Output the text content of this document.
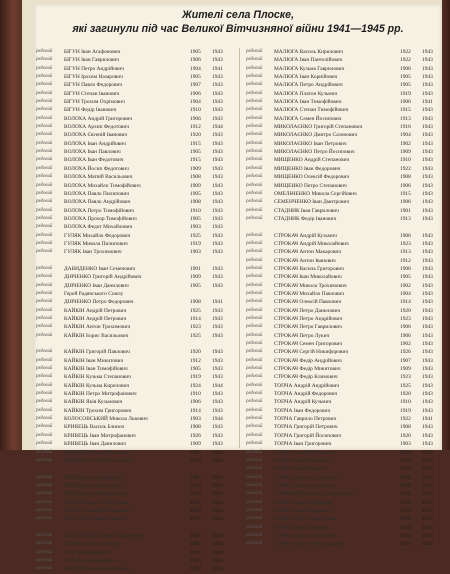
Жителі села Плоске,
які загинули під час Великої Вітчизняної війни 1941—1945 рр.
рядовий БІГУН Іван Агафонович	1905 1943
рядовий БІГУН Іван Гаврилович	1906 1943
рядовий БІГУН Петро Андрійович	1904 1941
рядовий БІГУН Ірохим Назарович	1905 1943
рядовий БІГУН Павло Федорович	1907 1943
рядовий БІГУН Степан Іванович	1906 1943
рядовий БІГУН Трохим Охрімович	1904 1943
рядовий БІГУН Федір Іванович	1910 1943
рядовий ВОЛОХА Андрій Григорович	1906 1943
рядовий ВОЛОХА Архип Федотович	1912 1944
рядовий ВОЛОХА Євгеній Іванович	1920 1943
рядовий ВОЛОХА Іван Андрійович	1915 1943
рядовий ВОЛОХА Іван Павлович	1905 1943
рядовий ВОЛОХА Іван Федотович	1915 1943
рядовий ВОЛОХА Йосип Федотович	1909 1943
рядовий ВОЛОХА Матвій Васильович	1908 1943
рядовий ВОЛОХА Михайло Тимофійович	1909 1943
рядовий ВОЛОХА Павло Пилипович	1905 1943
рядовий ВОЛОХА Павло Андрійович	1908 1943
рядовий ВОЛОХА Петро Тимофійович	1910 1943
рядовий ВОЛОХА Прохор Тимофійович	1905 1943
рядовий ВОЛОХА Федот Михайлович	1903 1943
рядовий ГУЛЯК Михайло Федорович	1925 1943
рядовий ГУЛЯК Микола Пилипович	1919 1943
рядовий ГУЛЯК Іван Трохимович	1903 1943
рядовий ДАВИДЕНКО Іван Семенович	1901 1943
рядовий ДІЯЧЕНКО Григорій Андрійович	1909 1943
рядовий ДІЯЧЕНКО Іван Данилович	1905 1943
рядовий Герой Радянського Союзу
рядовий ДІЯЧЕНКО Петро Федорович	1908 1941
рядовий КАЙКІН Андрій Петрович	1925 1943
рядовий КАЙКІН Андрій Петрович	1914 1943
рядовий КАЙКІН Антон Трохимович	1923 1943
рядовий КАЙКІН Борис Васильович	1925 1943
рядовий КАЙКІН Григорій Павлович	1920 1943
рядовий КАЙКІН Іван Микитович	1912 1943
рядовий КАЙКІН Іван Тимофійович	1905 1943
рядовий КАЙКІН Кузьма Степанович	1919 1943
рядовий КАЙКІН Кузьма Кирилович	1924 1944
рядовий КАЙКІН Петро Митрофанович	1910 1943
рядовий КАЙКІН Яків Кузьмович	1906 1943
рядовий КАЙКІН Трохим Григорович	1914 1943
рядовий КОЛОСОВСЬКИЙ Микола Львович	1903 1944
рядовий КРИВЕЦЬ Василь Блиноч	1908 1943
рядовий КРИВЕЦЬ Іван Митрофанович	1926 1943
рядовий КРИВЕЦЬ Іван Данилович	1909 1943
рядовий КРИВЕЦЬ Федір Микитович	1903 1943
рядовий КРИВЕЦЬ Петро Васильович	1918 1943
рядовий ЛЕСЮК Іван Андрійович	1906 1943
рядовий ЛЕСЮК Іван Васильович	1910 1943
рядовий ЛЕСЮК Іван Микодорович	1910 1943
рядовий ЛЕСЮК Василь Дмитрович	1922 1943
рядовий ЛЕСЮК Тимофій Климович	1928 1943
рядовий ЛИСТОПАД Іван Іванович	1916 1943
рядовий ЛИТОВЧЕНКО Марко Пархомович	1910 1943
рядовий ЛУК Олексій Семенович	1906 1943
рядовий ЛУК Іван Іванович	1913 1943
рядовий ЛУК Кузьма Іванович	1915 1943
рядовий МАЛЮГА Антон Антонович	1900 1943
рядовий МАЛЮГА Василь Кирилович	1922 1943
рядовий МАЛЮГА Іван Пантелійович	1922 1943
рядовий МАЛЮГА Кузьма Гаврилович	1906 1943
рядовий МАЛЮГА Іван Корнійович	1905 1943
рядовий МАЛЮГА Петро Андрійович	1905 1943
рядовий МАЛЮГА Платон Кузьмич	1919 1943
рядовий МАЛЮГА Іван Тимофійович	1906 1941
рядовий МАЛЮГА Степан Тимофійович	1915 1943
рядовий МАЛЮГА Семен Йосипович	1913 1943
рядовий МИКОЛАЄНКО Григорій Степанович	1916 1943
рядовий МИКОЛАЄНКО Дмитро Сазонович	1904 1943
рядовий МИКОЛАЄНКО Іван Петрович	1902 1943
рядовий МИКОЛАЄНКО Петро Йосипович	1909 1943
рядовий МИЩЕНКО Андрій Степанович	1910 1943
рядовий МИЩЕНКО Іван Федорович	1922 1943
рядовий МИЩЕНКО Олексій Федорович	1908 1943
рядовий МИЩЕНКО Петро Степанович	1906 1943
рядовий ОМЕЛЬЧЕНКО Микола Сергійович	1915 1943
рядовий СЕМЕНЧЕНКО Іван Дмитрович	1906 1943
рядовий СТАДНИК Іван Гаврилович	1901 1943
рядовий СТАДНИК Федір Іванович	1913 1943
рядовий СТРОКАЧ Андрій Кузьмич	1906 1943
рядовий СТРОКАЧ Андрій Миколайович	1923 1943
рядовий СТРОКАЧ Антон Макарович	1913 1943
рядовий СТРОКАЧ Антон Іванович	1912 1943
рядовий СТРОКАЧ Василь Григорович	1906 1943
рядовий СТРОКАЧ Іван Миколайович	1905 1943
рядовий СТРОКАЧ Микола Трохимович	1902 1943
рядовий СТРОКАЧ Михайло Павлович	1904 1943
рядовий СТРОКАЧ Олексій Павлович	1914 1943
рядовий СТРОКАЧ Петро Данилович	1920 1943
рядовий СТРОКАЧ Петро Андрійович	1923 1943
рядовий СТРОКАЧ Петро Гаврилович	1906 1943
рядовий СТРОКАЧ Петро Лукич	1906 1943
рядовий СТРОКАЧ Семен Григорович	1902 1943
рядовий СТРОКАЧ Сергій Никифорович	1926 1943
рядовий СТРОКАЧ Федір Андрійович	1907 1943
рядовий СТРОКАЧ Федір Микитович	1909 1943
рядовий СТРОКАЧ Федір Климович	1923 1943
рядовий ТОПЧА Андрій Андрійович	1925 1943
рядовий ТОПЧА Андрій Федорович	1920 1943
рядовий ТОПЧА Андрій Кузьмич	1910 1943
рядовий ТОПЧА Іван Федорович	1919 1943
рядовий ТОПЧА Гаврило Петрович	1922 1941
рядовий ТОПЧА Григорій Петрович	1908 1943
рядовий ТОПЧА Григорій Йосипович	1920 1943
рядовий ТОПЧА Іван Григорович	1903 1943
рядовий ТОПЧА Захарій Петрович	1920 1943
рядовий ТОПЧА Іван Пилипович	1919 1943
рядовий ТОПЧА Іван Петрович	1923 1943
рядовий ТОПЧА Микола Семенович	1906 1943
рядовий ТОПЧА Петро Антонович	1908 1943
рядовий ТОПЧАНОВ Михайло Дмитрович	1926 1943
рядовий ТОПЧА Іван Андрійович	1918 1943
рядовий ТОПЧА Іван Федорович	1910 1943
рядовий ТОПЧА Пилип Дмитрович	1908 1943
рядовий ТОПЧА Петро Іванович	1910 1943
рядовий ТОПЧА Прохор Семенович	1910 1943
рядовий ТОПЧА Петро Олександрович	1910 1943
